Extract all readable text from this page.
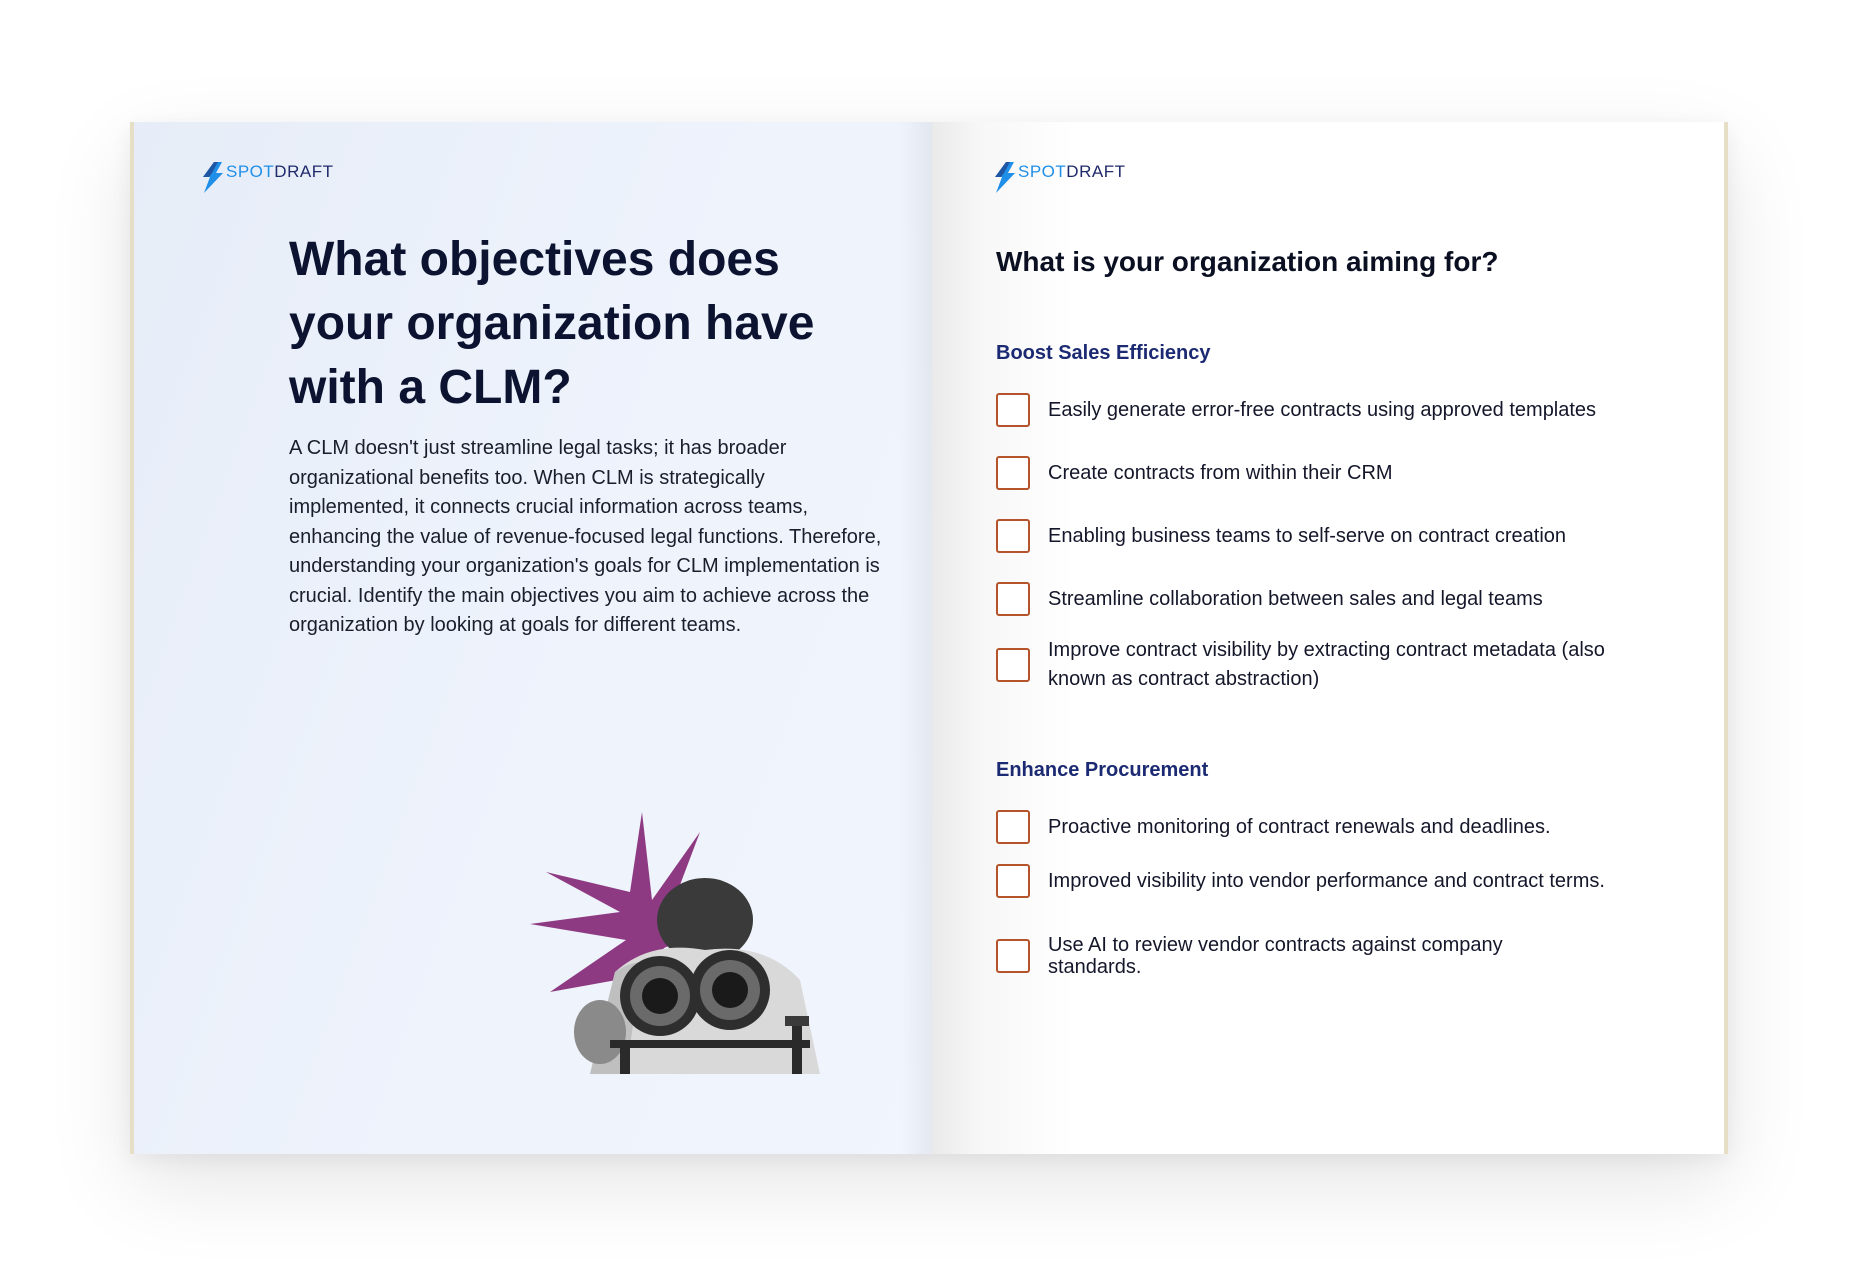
SPOTDRAFT
What objectives does your organization have with a CLM?

A CLM doesn't just streamline legal tasks; it has broader organizational benefits too. When CLM is strategically implemented, it connects crucial information across teams, enhancing the value of revenue-focused legal functions. Therefore, understanding your organization's goals for CLM implementation is crucial. Identify the main objectives you aim to achieve across the organization by looking at goals for different teams.

SPOTDRAFT
What is your organization aiming for?
Boost Sales Efficiency
Easily generate error-free contracts using approved templates
Create contracts from within their CRM
Enabling business teams to self-serve on contract creation
Streamline collaboration between sales and legal teams
Improve contract visibility by extracting contract metadata (also known as contract abstraction)
Enhance Procurement
Proactive monitoring of contract renewals and deadlines.
Improved visibility into vendor performance and contract terms.
Use AI to review vendor contracts against company standards.
